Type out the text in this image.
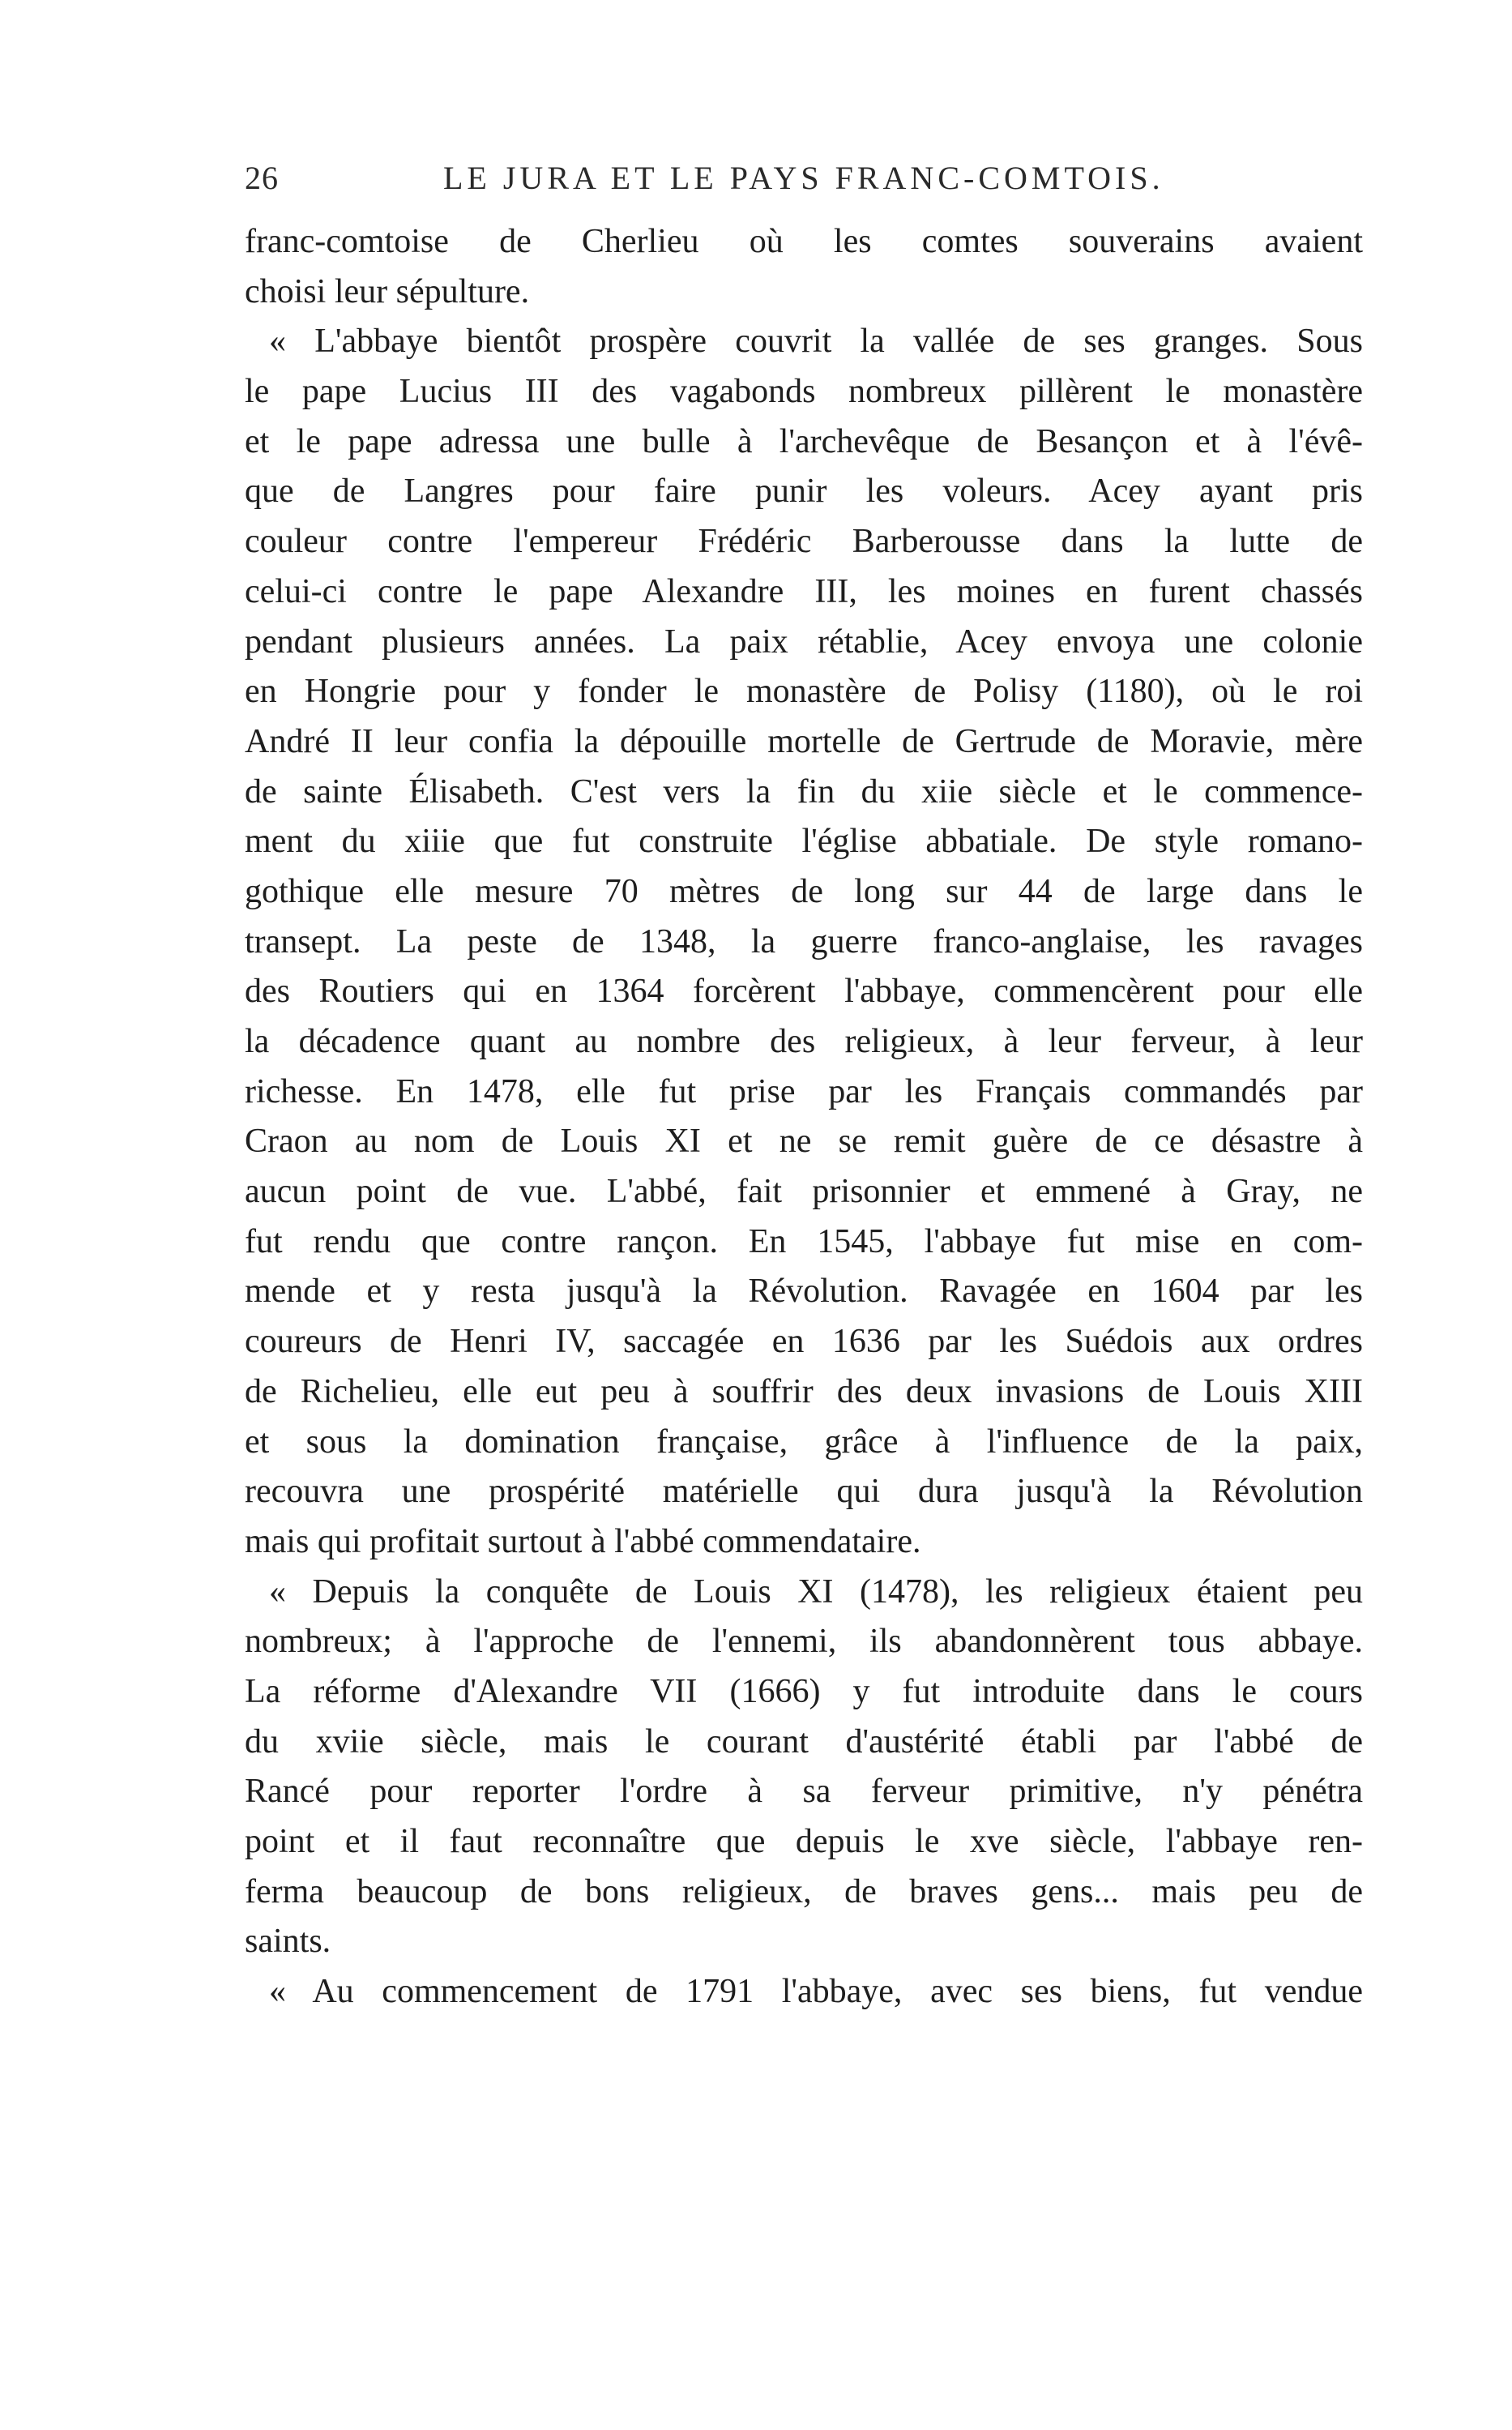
26	LE JURA ET LE PAYS FRANC-COMTOIS.
franc-comtoise de Cherlieu où les comtes souverains avaient
choisi leur sépulture.
« L'abbaye bientôt prospère couvrit la vallée de ses granges. Sous
le pape Lucius III des vagabonds nombreux pillèrent le monastère
et le pape adressa une bulle à l'archevêque de Besançon et à l'évê-
que de Langres pour faire punir les voleurs. Acey ayant pris
couleur contre l'empereur Frédéric Barberousse dans la lutte de
celui-ci contre le pape Alexandre III, les moines en furent chassés
pendant plusieurs années. La paix rétablie, Acey envoya une colonie
en Hongrie pour y fonder le monastère de Polisy (1180), où le roi
André II leur confia la dépouille mortelle de Gertrude de Moravie, mère
de sainte Élisabeth. C'est vers la fin du xiie siècle et le commence-
ment du xiiie que fut construite l'église abbatiale. De style romano-
gothique elle mesure 70 mètres de long sur 44 de large dans le
transept. La peste de 1348, la guerre franco-anglaise, les ravages
des Routiers qui en 1364 forcèrent l'abbaye, commencèrent pour elle
la décadence quant au nombre des religieux, à leur ferveur, à leur
richesse. En 1478, elle fut prise par les Français commandés par
Craon au nom de Louis XI et ne se remit guère de ce désastre à
aucun point de vue. L'abbé, fait prisonnier et emmené à Gray, ne
fut rendu que contre rançon. En 1545, l'abbaye fut mise en com-
mende et y resta jusqu'à la Révolution. Ravagée en 1604 par les
coureurs de Henri IV, saccagée en 1636 par les Suédois aux ordres
de Richelieu, elle eut peu à souffrir des deux invasions de Louis XIII
et sous la domination française, grâce à l'influence de la paix,
recouvra une prospérité matérielle qui dura jusqu'à la Révolution
mais qui profitait surtout à l'abbé commendataire.
« Depuis la conquête de Louis XI (1478), les religieux étaient peu
nombreux; à l'approche de l'ennemi, ils abandonnèrent tous abbaye.
La réforme d'Alexandre VII (1666) y fut introduite dans le cours
du xviie siècle, mais le courant d'austérité établi par l'abbé de
Rancé pour reporter l'ordre à sa ferveur primitive, n'y pénétra
point et il faut reconnaître que depuis le xve siècle, l'abbaye ren-
ferma beaucoup de bons religieux, de braves gens... mais peu de
saints.
« Au commencement de 1791 l'abbaye, avec ses biens, fut vendue
